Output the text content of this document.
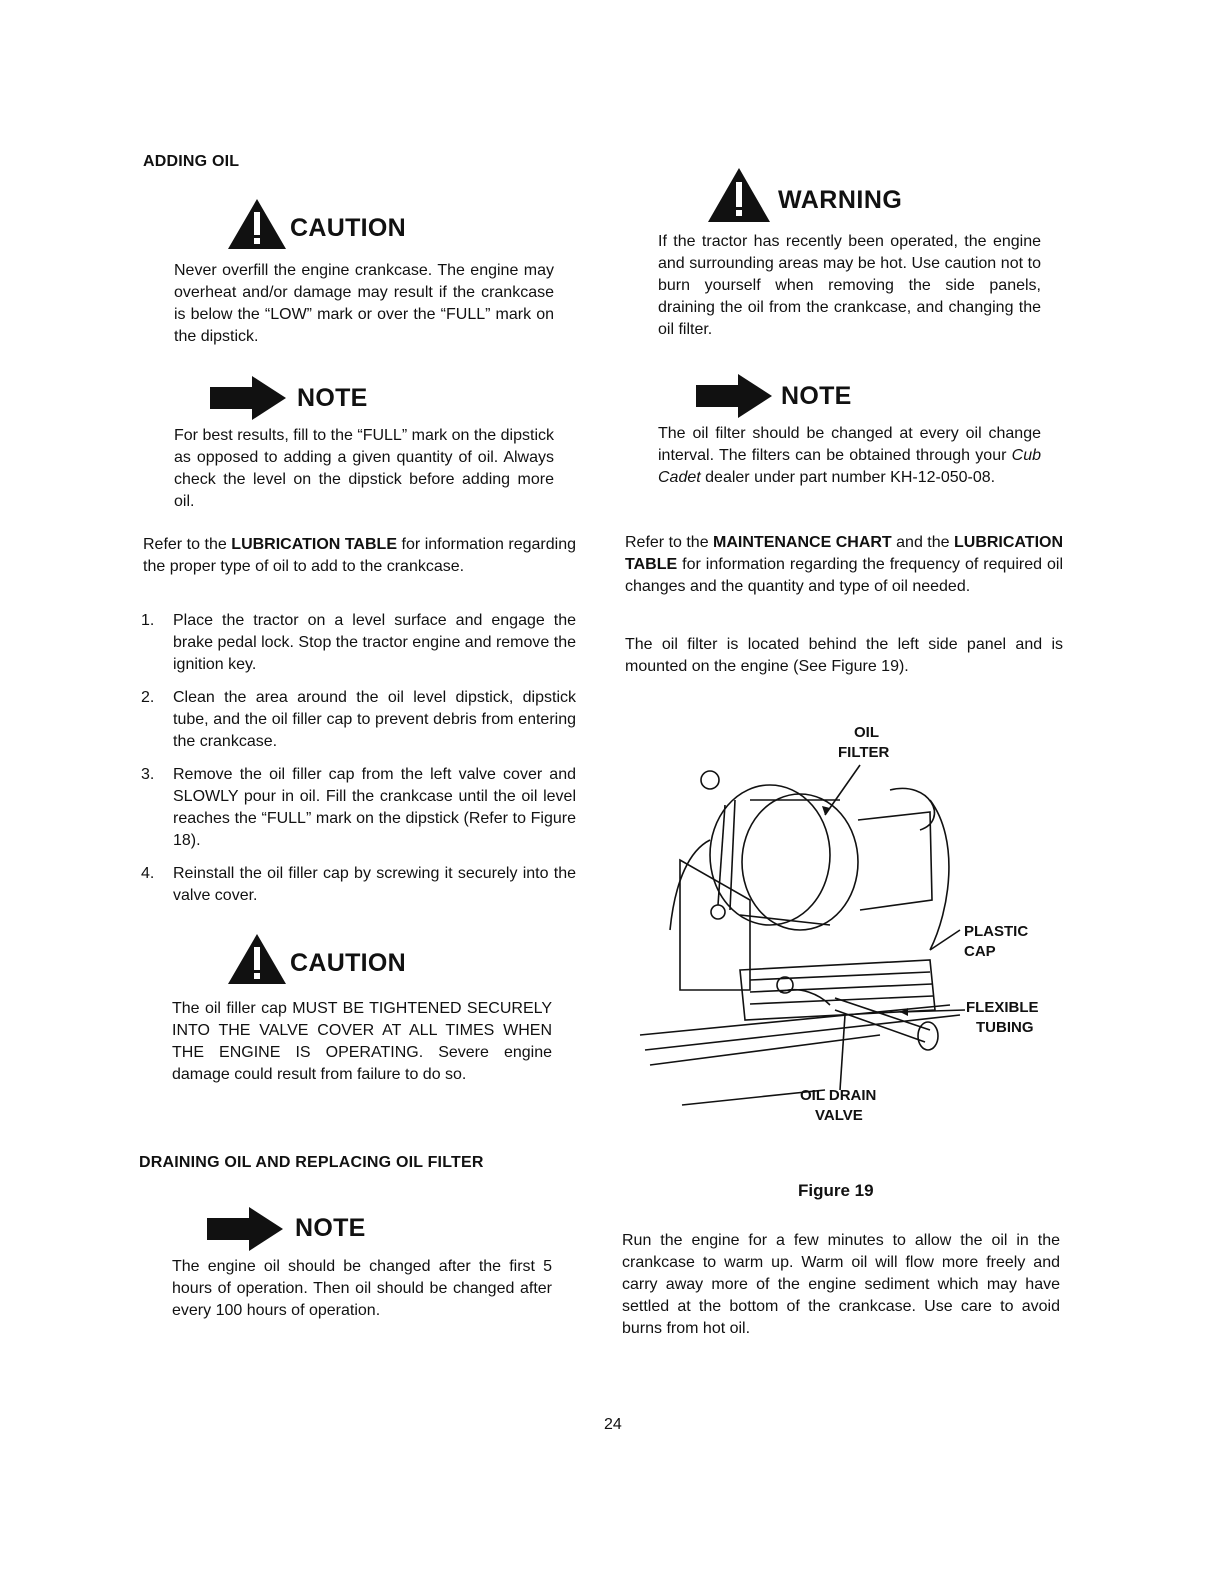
ADDING OIL
CAUTION
Never overfill the engine crankcase. The engine may overheat and/or damage may result if the crankcase is below the “LOW” mark or over the “FULL” mark on the dipstick.
NOTE
For best results, fill to the “FULL” mark on the dipstick as opposed to adding a given quantity of oil. Always check the level on the dipstick before adding more oil.
Refer to the LUBRICATION TABLE for information regarding the proper type of oil to add to the crankcase.
1. Place the tractor on a level surface and engage the brake pedal lock. Stop the tractor engine and remove the ignition key.
2. Clean the area around the oil level dipstick, dipstick tube, and the oil filler cap to prevent debris from entering the crankcase.
3. Remove the oil filler cap from the left valve cover and SLOWLY pour in oil. Fill the crankcase until the oil level reaches the “FULL” mark on the dipstick (Refer to Figure 18).
4. Reinstall the oil filler cap by screwing it securely into the valve cover.
CAUTION
The oil filler cap MUST BE TIGHTENED SECURELY INTO THE VALVE COVER AT ALL TIMES WHEN THE ENGINE IS OPERATING. Severe engine damage could result from failure to do so.
DRAINING OIL AND REPLACING OIL FILTER
NOTE
The engine oil should be changed after the first 5 hours of operation. Then oil should be changed after every 100 hours of operation.
WARNING
If the tractor has recently been operated, the engine and surrounding areas may be hot. Use caution not to burn yourself when removing the side panels, draining the oil from the crankcase, and changing the oil filter.
NOTE
The oil filter should be changed at every oil change interval. The filters can be obtained through your Cub Cadet dealer under part number KH-12-050-08.
Refer to the MAINTENANCE CHART and the LUBRICATION TABLE for information regarding the frequency of required oil changes and the quantity and type of oil needed.
The oil filter is located behind the left side panel and is mounted on the engine (See Figure 19).
OIL
FILTER
PLASTIC
CAP
FLEXIBLE
TUBING
OIL DRAIN
VALVE
Figure 19
Run the engine for a few minutes to allow the oil in the crankcase to warm up. Warm oil will flow more freely and carry away more of the engine sediment which may have settled at the bottom of the crankcase. Use care to avoid burns from hot oil.
24
